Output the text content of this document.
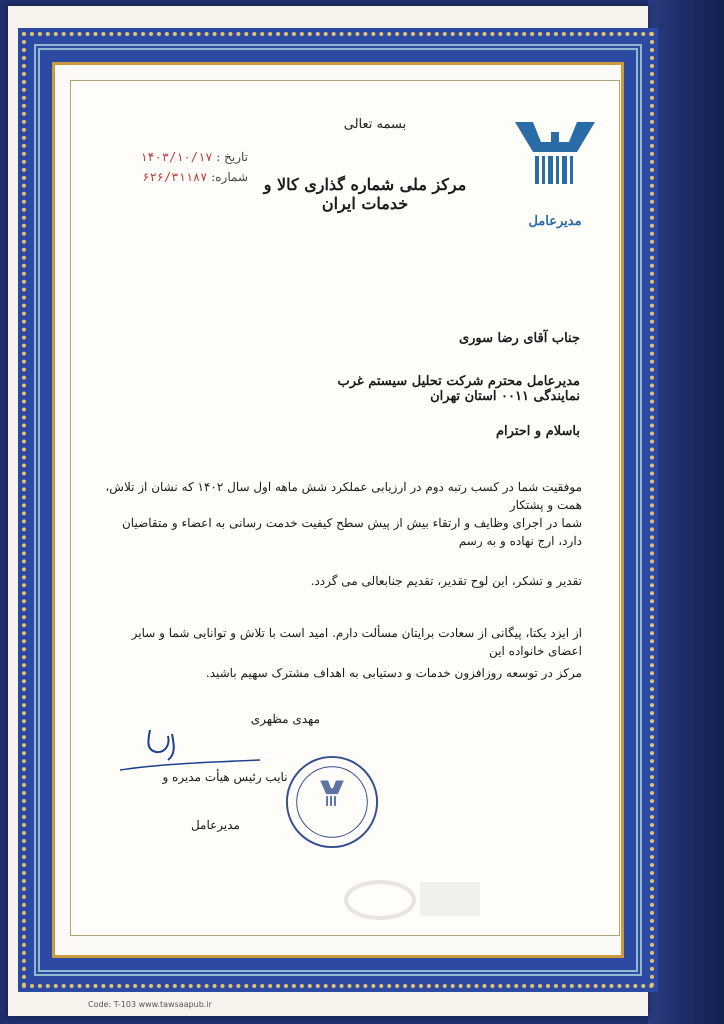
مدیرعامل
بسمه تعالی
مرکز ملی شماره گذاری کالا و خدمات ایران
تاریخ : ۱۴۰۳/۱۰/۱۷
شماره: ۶۲۶/۳۱۱۸۷
جناب آقای رضا سوری
مدیرعامل محترم شرکت تحلیل سیستم غرب نمایندگی ۰۰۱۱ استان تهران
باسلام و احترام
موفقیت شما در کسب رتبه دوم در ارزیابی عملکرد شش ماهه اول سال ۱۴۰۲ که نشان از تلاش، همت و پشتکار
شما در اجرای وظایف و ارتقاء بیش از پیش سطح کیفیت خدمت رسانی به اعضاء و متقاضیان دارد، ارج نهاده و به رسم
تقدیر و تشکر، این لوح تقدیر، تقدیم جنابعالی می گردد.
از ایزد یکتا، پیگانی از سعادت برایتان مسألت دارم. امید است با تلاش و توانایی شما و سایر اعضای خانواده این
مرکز در توسعه روزافزون خدمات و دستیابی به اهداف مشترک سهیم باشید.
مهدی مظهری
نایب رئیس هیأت مدیره و
مدیرعامل
Code: T-103 www.tawsaapub.ir
